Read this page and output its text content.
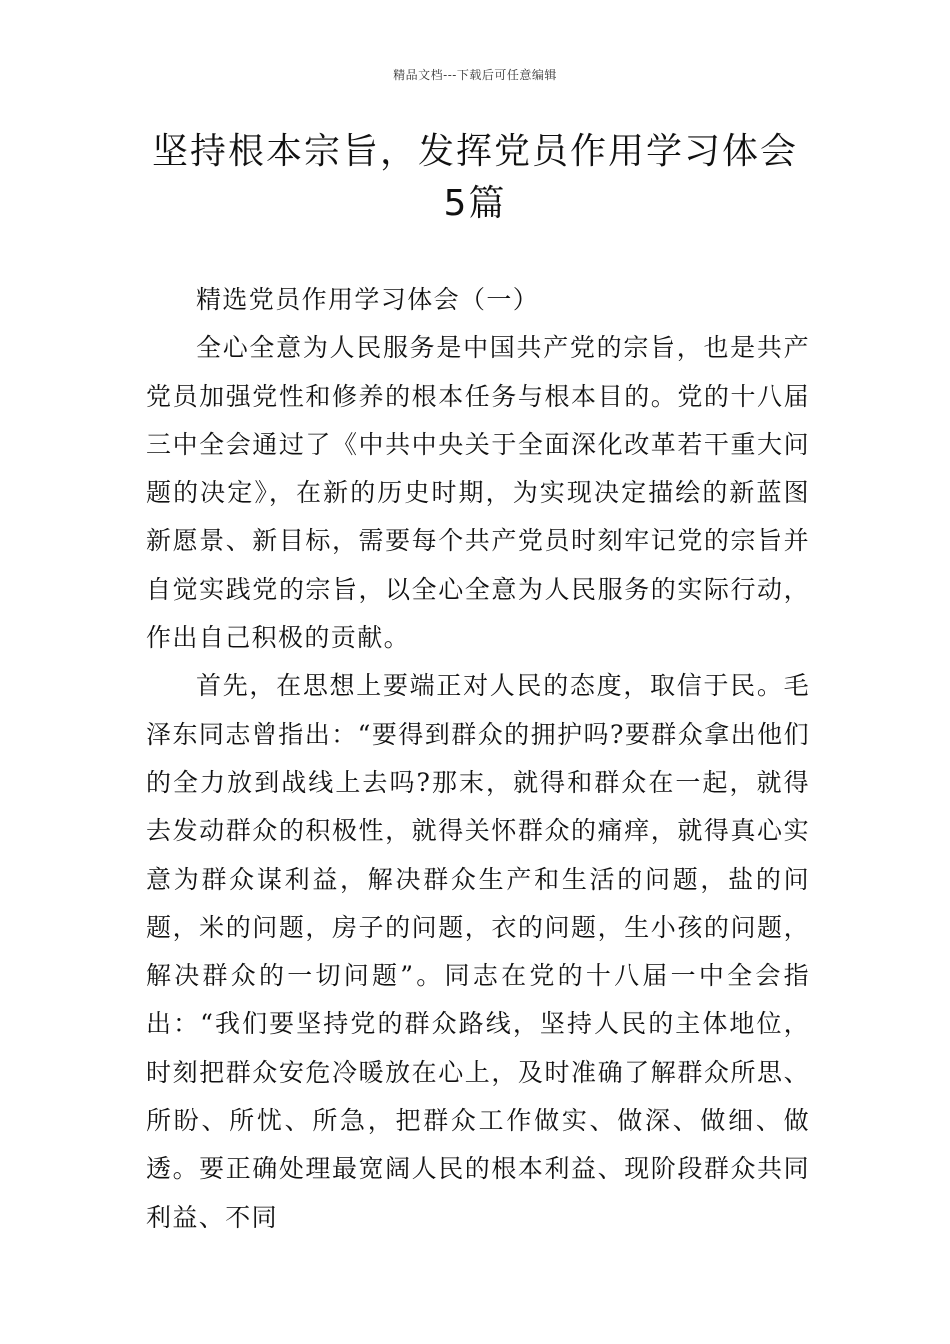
精品文档---下载后可任意编辑
坚持根本宗旨，发挥党员作用学习体会
5篇

精选党员作用学习体会（一）

全心全意为人民服务是中国共产党的宗旨，也是共产党员加强党性和修养的根本任务与根本目的。党的十八届三中全会通过了《中共中央关于全面深化改革若干重大问题的决定》，在新的历史时期，为实现决定描绘的新蓝图新愿景、新目标，需要每个共产党员时刻牢记党的宗旨并自觉实践党的宗旨，以全心全意为人民服务的实际行动，作出自己积极的贡献。

首先，在思想上要端正对人民的态度，取信于民。毛泽东同志曾指出：“要得到群众的拥护吗?要群众拿出他们的全力放到战线上去吗?那末，就得和群众在一起，就得去发动群众的积极性，就得关怀群众的痛痒，就得真心实意为群众谋利益，解决群众生产和生活的问题，盐的问题，米的问题，房子的问题，衣的问题，生小孩的问题，解决群众的一切问题”。同志在党的十八届一中全会指出：“我们要坚持党的群众路线，坚持人民的主体地位，时刻把群众安危冷暖放在心上，及时准确了解群众所思、所盼、所忧、所急，把群众工作做实、做深、做细、做透。要正确处理最宽阔人民的根本利益、现阶段群众共同利益、不同
